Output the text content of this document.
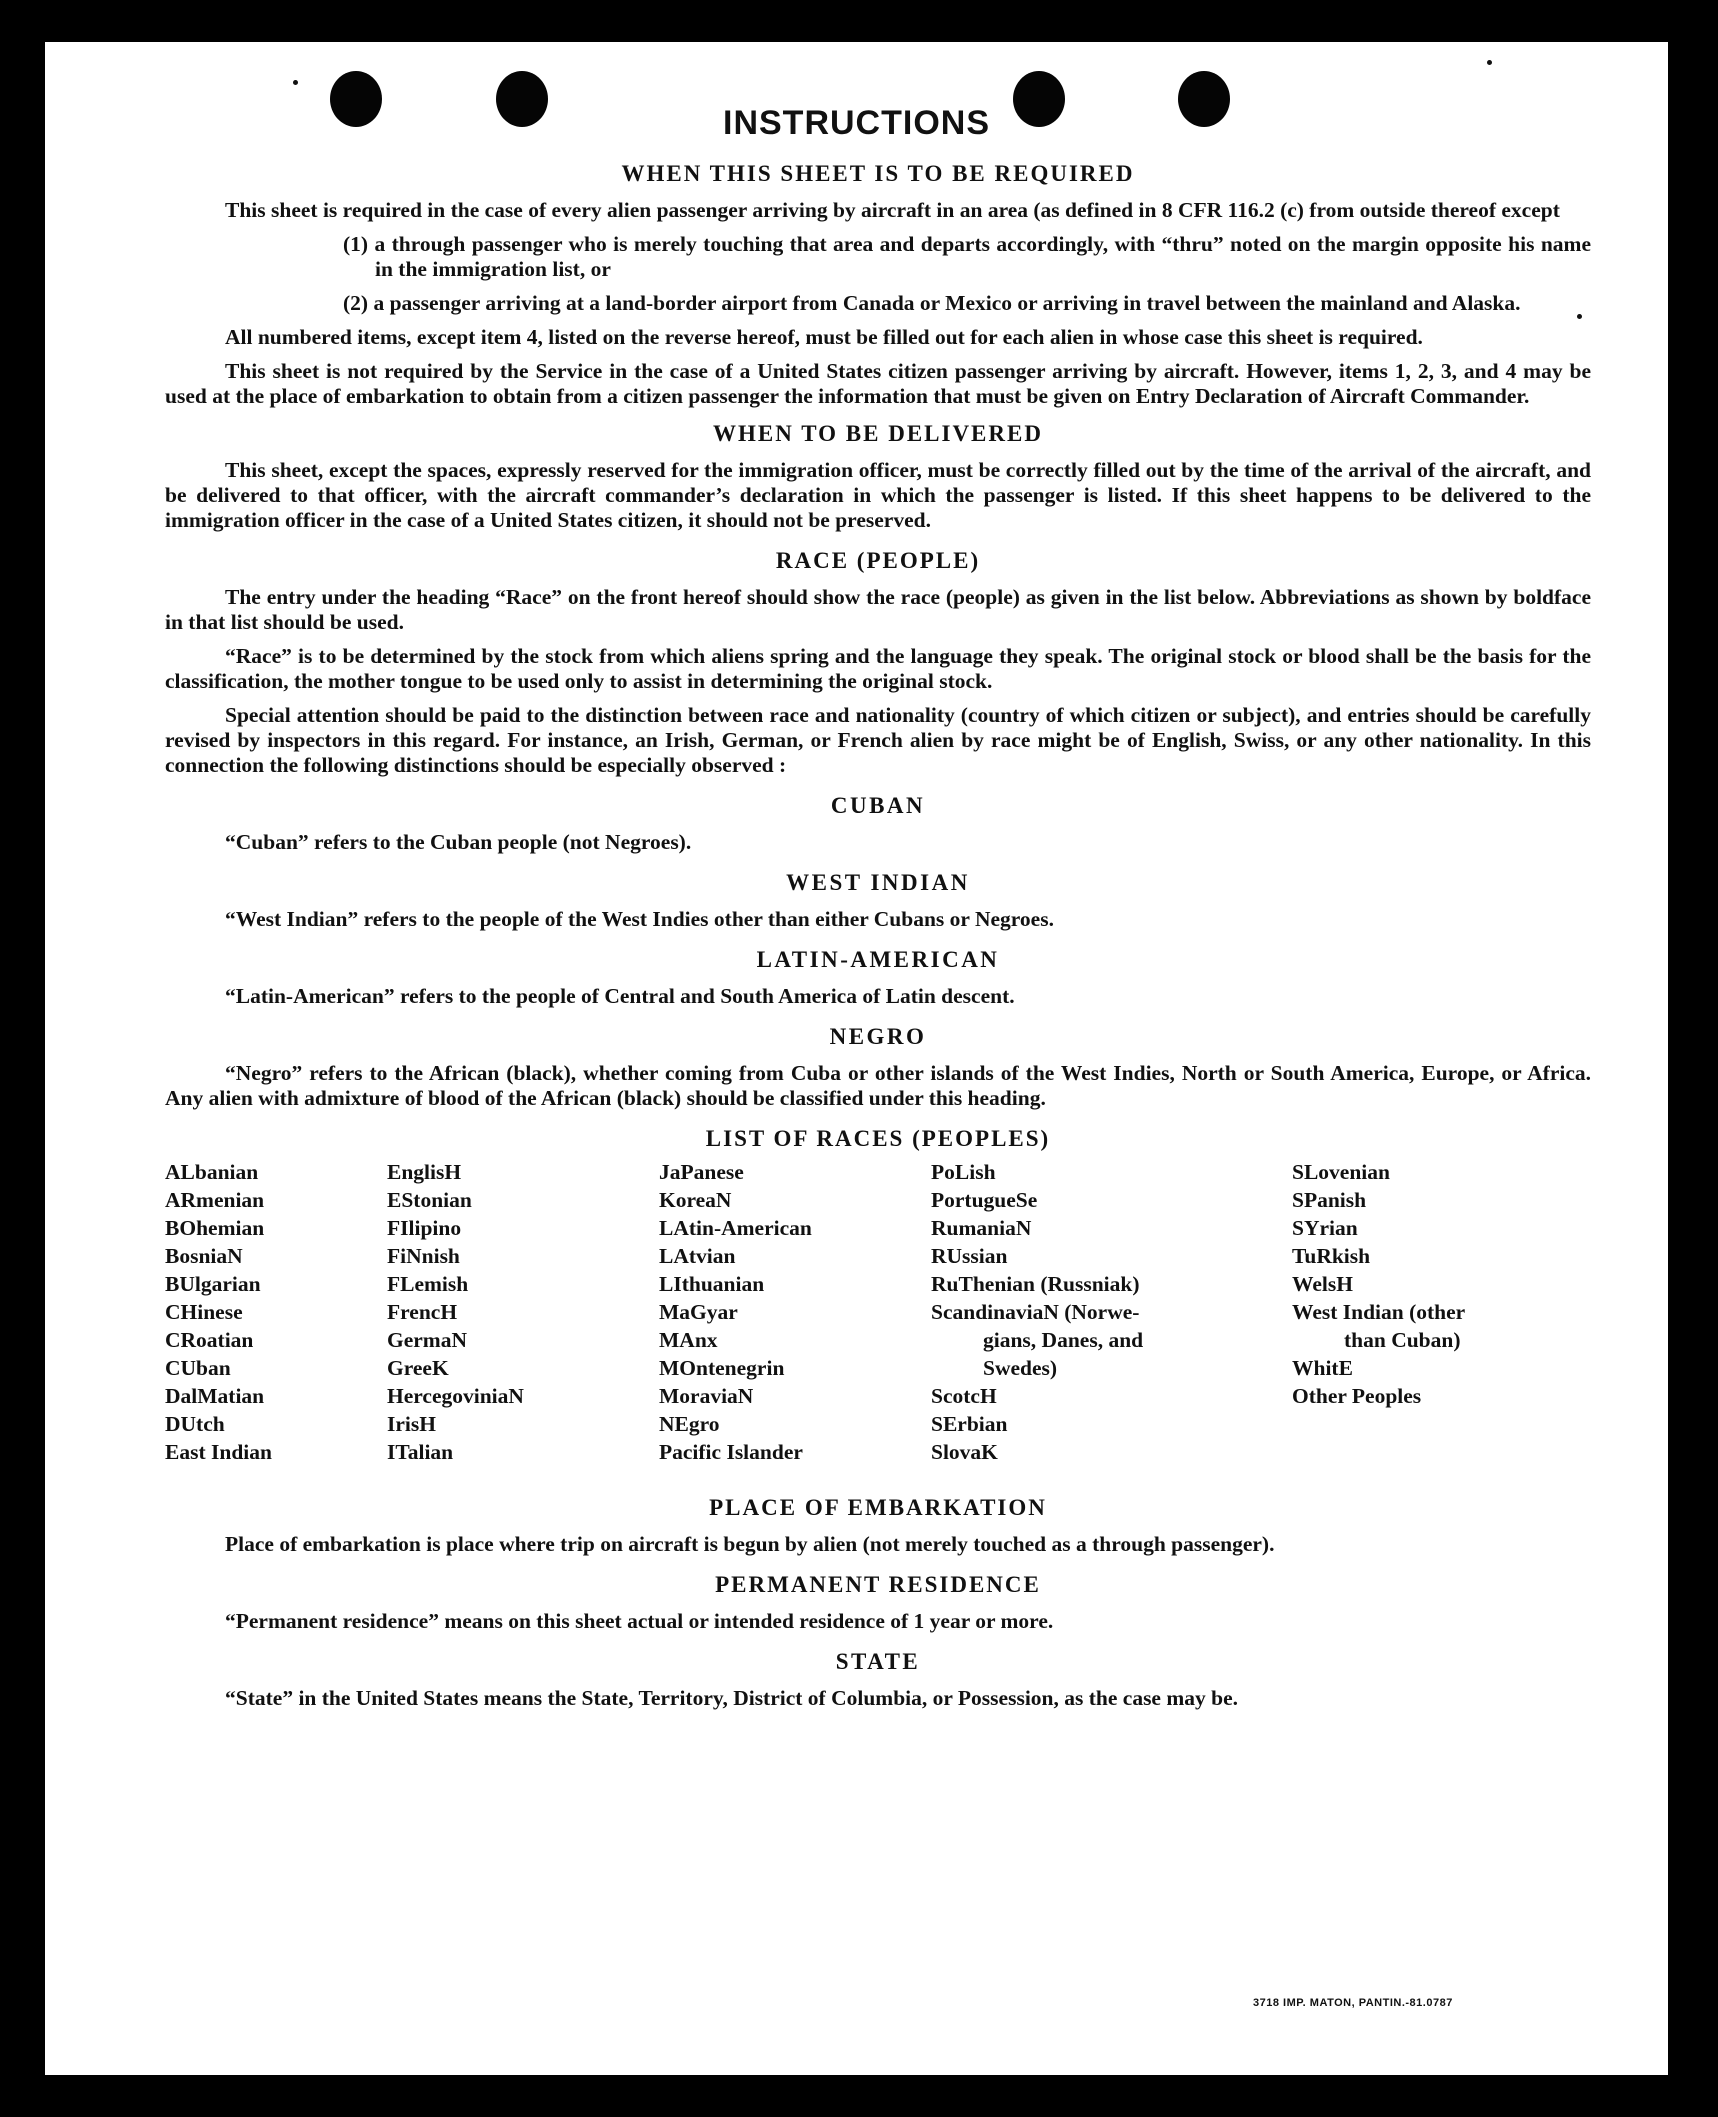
INSTRUCTIONS
WHEN THIS SHEET IS TO BE REQUIRED

This sheet is required in the case of every alien passenger arriving by aircraft in an area (as defined in 8 CFR 116.2 (c) from outside thereof except

(1) a through passenger who is merely touching that area and departs accordingly, with “thru” noted on the margin opposite his name in the immigration list, or

(2) a passenger arriving at a land-border airport from Canada or Mexico or arriving in travel between the mainland and Alaska.

All numbered items, except item 4, listed on the reverse hereof, must be filled out for each alien in whose case this sheet is required.

This sheet is not required by the Service in the case of a United States citizen passenger arriving by aircraft. However, items 1, 2, 3, and 4 may be used at the place of embarkation to obtain from a citizen passenger the information that must be given on Entry Declaration of Aircraft Commander.

WHEN TO BE DELIVERED

This sheet, except the spaces, expressly reserved for the immigration officer, must be correctly filled out by the time of the arrival of the aircraft, and be delivered to that officer, with the aircraft commander’s declaration in which the passenger is listed. If this sheet happens to be delivered to the immigration officer in the case of a United States citizen, it should not be preserved.

RACE (PEOPLE)

The entry under the heading “Race” on the front hereof should show the race (people) as given in the list below. Abbreviations as shown by boldface in that list should be used.

“Race” is to be determined by the stock from which aliens spring and the language they speak. The original stock or blood shall be the basis for the classification, the mother tongue to be used only to assist in determining the original stock.

Special attention should be paid to the distinction between race and nationality (country of which citizen or subject), and entries should be carefully revised by inspectors in this regard. For instance, an Irish, German, or French alien by race might be of English, Swiss, or any other nationality. In this connection the following distinctions should be especially observed :

CUBAN

“Cuban” refers to the Cuban people (not Negroes).

WEST INDIAN

“West Indian” refers to the people of the West Indies other than either Cubans or Negroes.

LATIN-AMERICAN

“Latin-American” refers to the people of Central and South America of Latin descent.

NEGRO

“Negro” refers to the African (black), whether coming from Cuba or other islands of the West Indies, North or South America, Europe, or Africa. Any alien with admixture of blood of the African (black) should be classified under this heading.

LIST OF RACES (PEOPLES)
ALbanian
ARmenian
BOhemian
BosniaN
BUlgarian
CHinese
CRoatian
CUban
DalMatian
DUtch
East Indian
EnglisH
EStonian
FIlipino
FiNnish
FLemish
FrencH
GermaN
GreeK
HercegoviniaN
IrisH
ITalian
JaPanese
KoreaN
LAtin-American
LAtvian
LIthuanian
MaGyar
MAnx
MOntenegrin
MoraviaN
NEgro
Pacific Islander
PoLish
PortugueSe
RumaniaN
RUssian
RuThenian (Russniak)
ScandinaviaN (Norwe-
gians, Danes, and
Swedes)
ScotcH
SErbian
SlovaK
SLovenian
SPanish
SYrian
TuRkish
WelsH
West Indian (other
than Cuban)
WhitE
Other Peoples
PLACE OF EMBARKATION

Place of embarkation is place where trip on aircraft is begun by alien (not merely touched as a through passenger).

PERMANENT RESIDENCE

“Permanent residence” means on this sheet actual or intended residence of 1 year or more.

STATE

“State” in the United States means the State, Territory, District of Columbia, or Possession, as the case may be.

3718 IMP. MATON, PANTIN.-81.0787
